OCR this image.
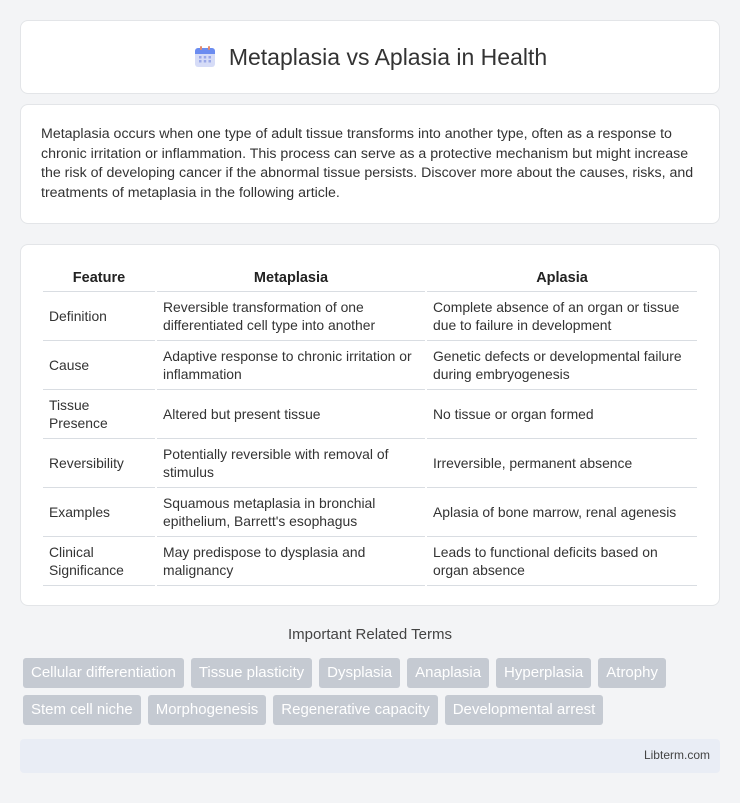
Metaplasia vs Aplasia in Health

Metaplasia occurs when one type of adult tissue transforms into another type, often as a response to chronic irritation or inflammation. This process can serve as a protective mechanism but might increase the risk of developing cancer if the abnormal tissue persists. Discover more about the causes, risks, and treatments of metaplasia in the following article.

Feature	Metaplasia	Aplasia
Definition	Reversible transformation of one differentiated cell type into another	Complete absence of an organ or tissue due to failure in development
Cause	Adaptive response to chronic irritation or inflammation	Genetic defects or developmental failure during embryogenesis
Tissue Presence	Altered but present tissue	No tissue or organ formed
Reversibility	Potentially reversible with removal of stimulus	Irreversible, permanent absence
Examples	Squamous metaplasia in bronchial epithelium, Barrett's esophagus	Aplasia of bone marrow, renal agenesis
Clinical Significance	May predispose to dysplasia and malignancy	Leads to functional deficits based on organ absence
Important Related Terms
Cellular differentiation	Tissue plasticity	Dysplasia	Anaplasia	Hyperplasia	Atrophy
Stem cell niche	Morphogenesis	Regenerative capacity	Developmental arrest
Libterm.com
